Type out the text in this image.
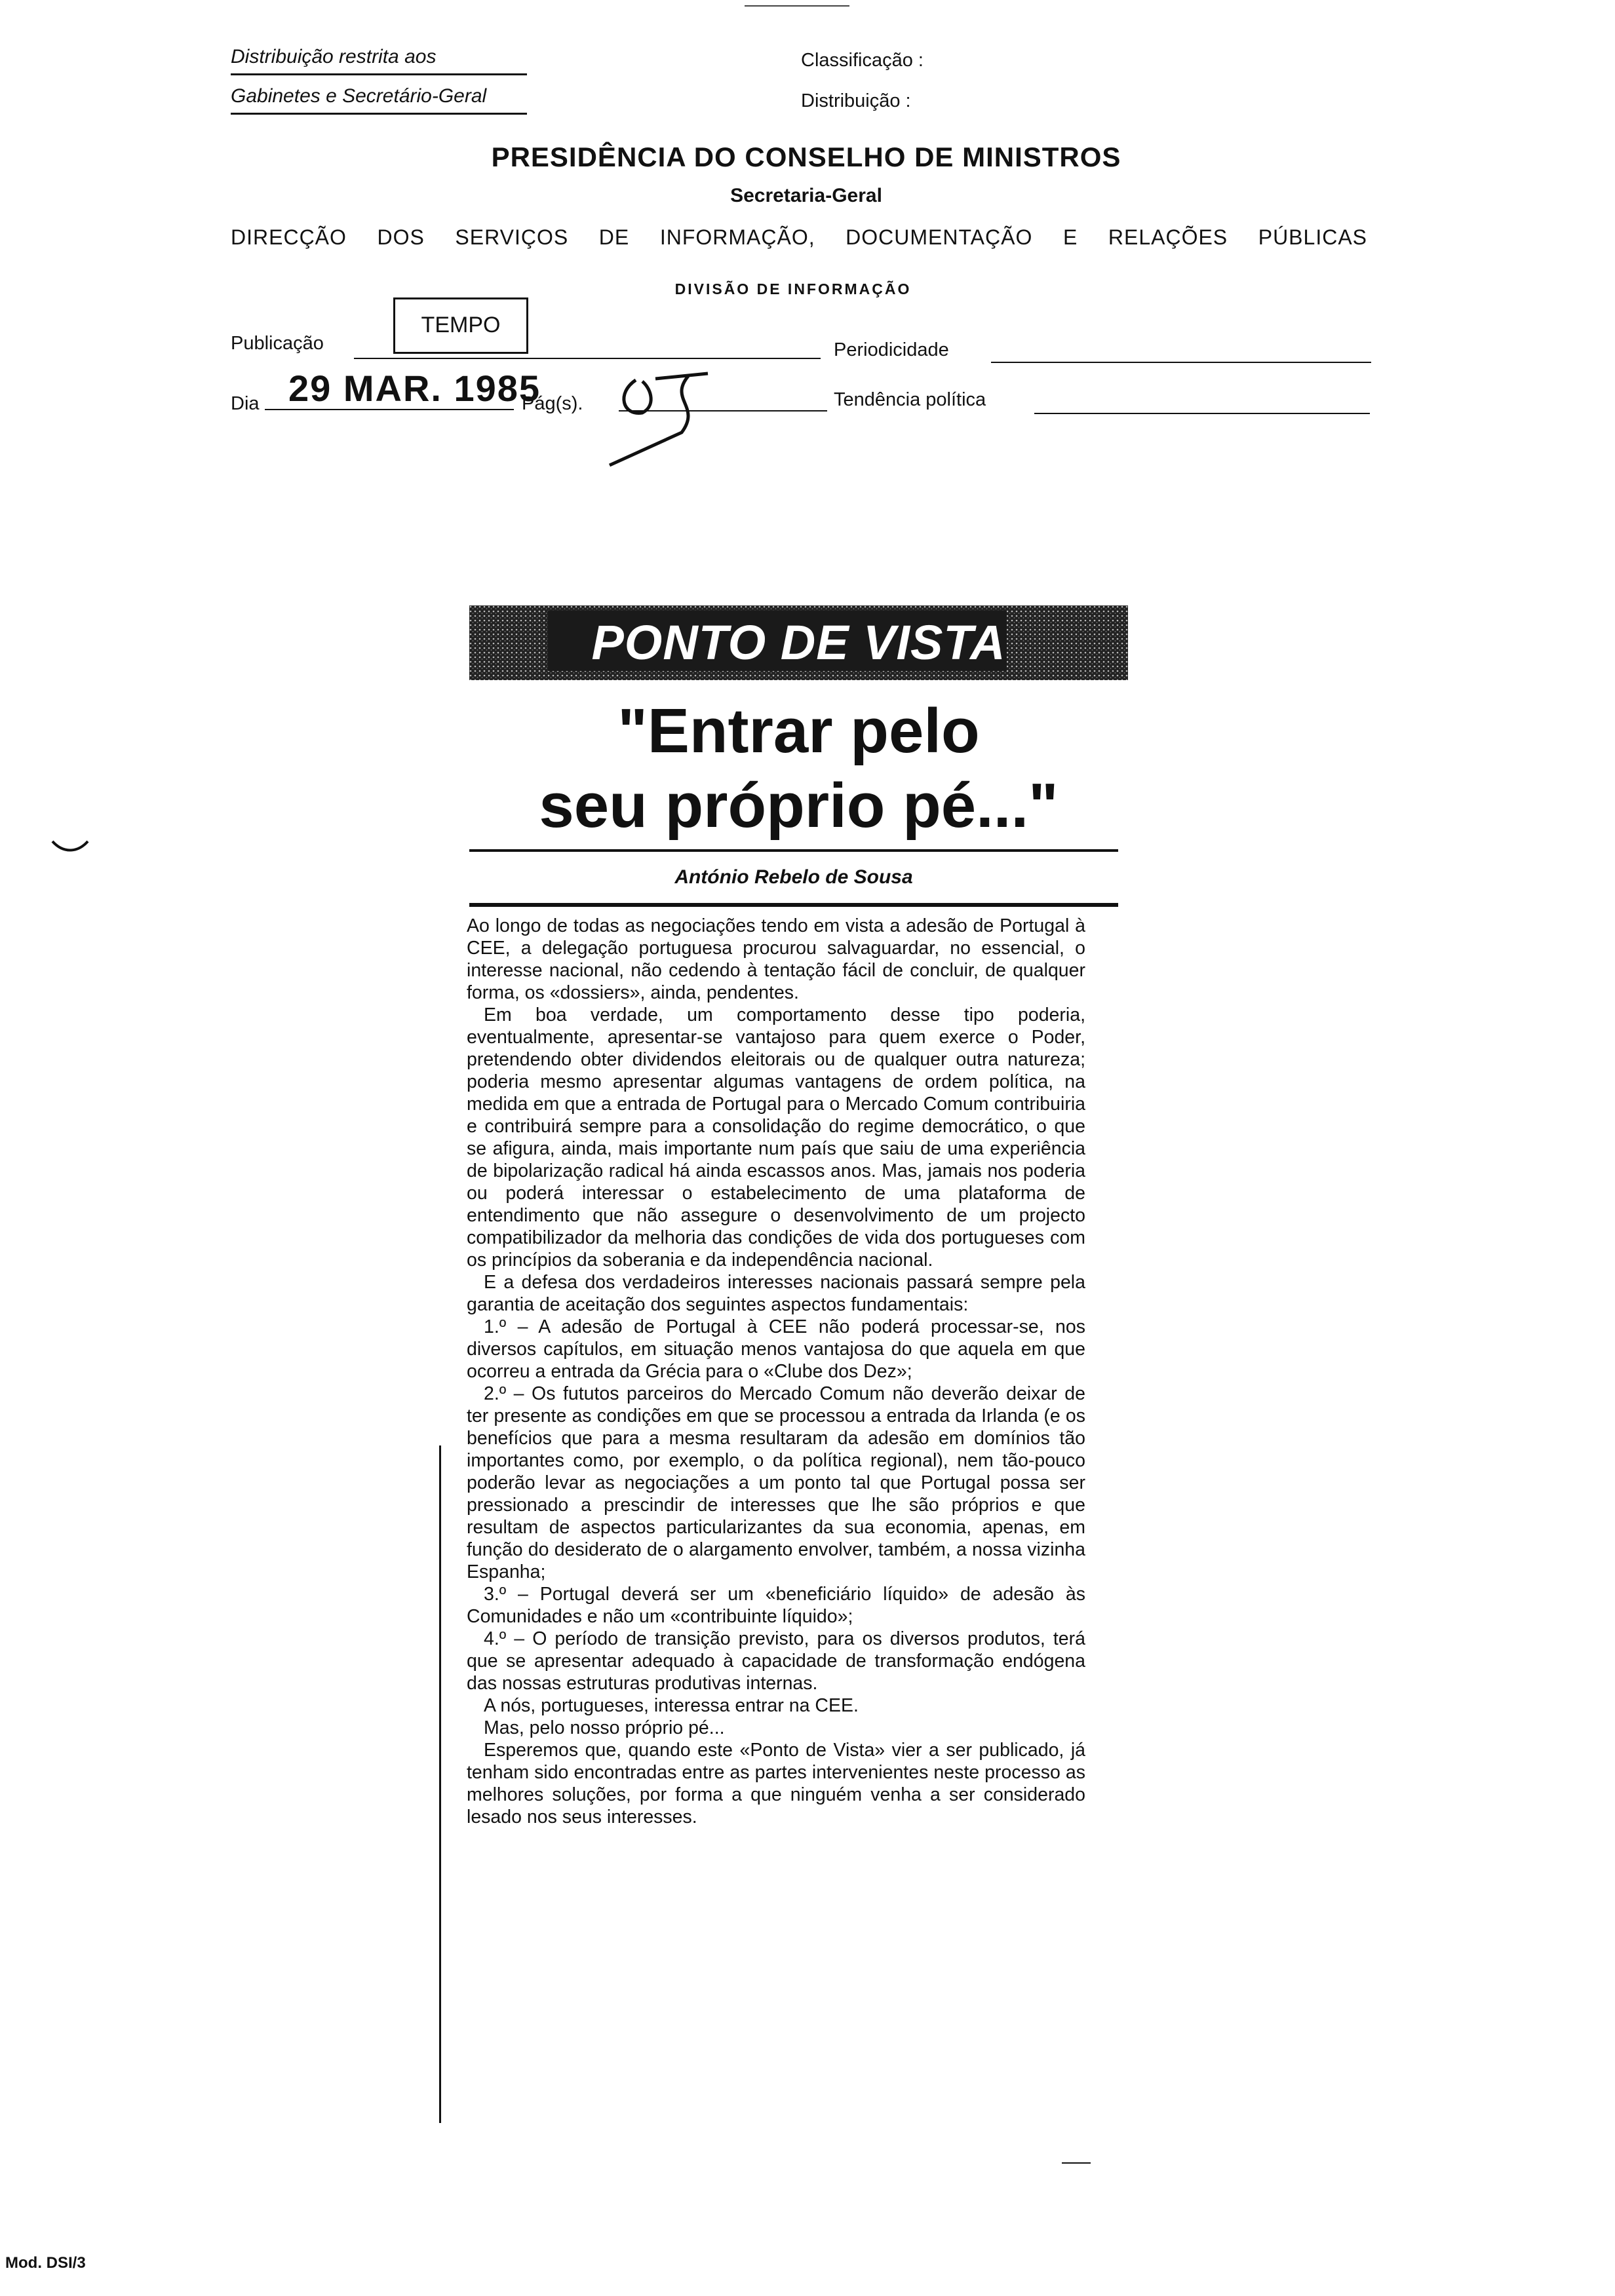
Distribuição restrita aos
Gabinetes e Secretário-Geral
Classificação :
Distribuição :
PRESIDÊNCIA DO CONSELHO DE MINISTROS
Secretaria-Geral
DIRECÇÃO DOS SERVIÇOS DE INFORMAÇÃO, DOCUMENTAÇÃO E RELAÇÕES PÚBLICAS
DIVISÃO DE INFORMAÇÃO
Publicação
TEMPO
Periodicidade
Dia 29 MAR. 1985
Pág(s).	Tendência política
PONTO DE VISTA
"Entrar pelo
seu próprio pé..."
António Rebelo de Sousa

Ao longo de todas as negociações tendo em vista a adesão de Portugal à CEE, a delegação portuguesa procurou salvaguardar, no essencial, o interesse nacional, não cedendo à tentação fácil de concluir, de qualquer forma, os «dossiers», ainda, pendentes.

Em boa verdade, um comportamento desse tipo poderia, eventualmente, apresentar-se vantajoso para quem exerce o Poder, pretendendo obter dividendos eleitorais ou de qualquer outra natureza; poderia mesmo apresentar algumas vantagens de ordem política, na medida em que a entrada de Portugal para o Mercado Comum contribuiria e contribuirá sempre para a consolidação do regime democrático, o que se afigura, ainda, mais importante num país que saiu de uma experiência de bipolarização radical há ainda escassos anos. Mas, jamais nos poderia ou poderá interessar o estabelecimento de uma plataforma de entendimento que não assegure o desenvolvimento de um projecto compatibilizador da melhoria das condições de vida dos portugueses com os princípios da soberania e da independência nacional.

E a defesa dos verdadeiros interesses nacionais passará sempre pela garantia de aceitação dos seguintes aspectos fundamentais:

1.º – A adesão de Portugal à CEE não poderá processar-se, nos diversos capítulos, em situação menos vantajosa do que aquela em que ocorreu a entrada da Grécia para o «Clube dos Dez»;

2.º – Os fututos parceiros do Mercado Comum não deverão deixar de ter presente as condições em que se processou a entrada da Irlanda (e os benefícios que para a mesma resultaram da adesão em domínios tão importantes como, por exemplo, o da política regional), nem tão-pouco poderão levar as negociações a um ponto tal que Portugal possa ser pressionado a prescindir de interesses que lhe são próprios e que resultam de aspectos particularizantes da sua economia, apenas, em função do desiderato de o alargamento envolver, também, a nossa vizinha Espanha;

3.º – Portugal deverá ser um «beneficiário líquido» de adesão às Comunidades e não um «contribuinte líquido»;

4.º – O período de transição previsto, para os diversos produtos, terá que se apresentar adequado à capacidade de transformação endógena das nossas estruturas produtivas internas.

A nós, portugueses, interessa entrar na CEE.

Mas, pelo nosso próprio pé...

Esperemos que, quando este «Ponto de Vista» vier a ser publicado, já tenham sido encontradas entre as partes intervenientes neste processo as melhores soluções, por forma a que ninguém venha a ser considerado lesado nos seus interesses.

Mod. DSI/3
